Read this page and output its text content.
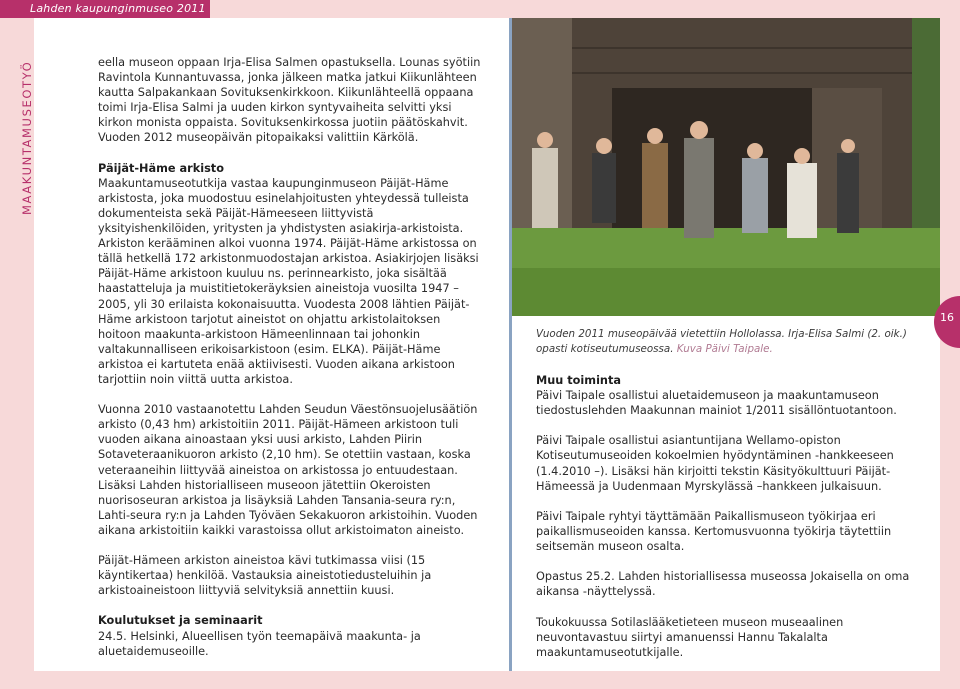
Lahden kaupunginmuseo 2011
MAAKUNTAMUSEOTYÖ	eella museon oppaan Irja-Elisa Salmen opastuksella. Lounas syötiin Ravintola Kunnantuvassa, jonka jälkeen matka jatkui Kiikunlähteen kautta Salpakankaan Sovituksenkirkkoon. Kiikunlähteellä oppaana toimi Irja-Elisa Salmi ja uuden kirkon syntyvaiheita selvitti yksi kirkon monista oppaista. Sovituksenkirkossa juotiin päätöskahvit. Vuoden 2012 museopäivän pitopaikaksi valittiin Kärkölä.

Päijät-Häme arkisto
Maakuntamuseotutkija vastaa kaupunginmuseon Päijät-Häme arkistosta, joka muodostuu esinelahjoitusten yhteydessä tulleista dokumenteista sekä Päijät-Hämeeseen liittyvistä yksityishenkilöiden, yritysten ja yhdistysten asiakirja-arkistoista. Arkiston kerääminen alkoi vuonna 1974. Päijät-Häme arkistossa on tällä hetkellä 172 arkistonmuodostajan arkistoa. Asiakirjojen lisäksi Päijät-Häme arkistoon kuuluu ns. perinnearkisto, joka sisältää haastatteluja ja muistitietokeräyksien aineistoja vuosilta 1947 – 2005, yli 30 erilaista kokonaisuutta. Vuodesta 2008 lähtien Päijät-Häme arkistoon tarjotut aineistot on ohjattu arkistolaitoksen hoitoon maakunta-arkistoon Hämeenlinnaan tai johonkin valtakunnalliseen erikoisarkistoon (esim. ELKA). Päijät-Häme arkistoa ei kartuteta enää aktiivisesti. Vuoden aikana arkistoon tarjottiin noin viittä uutta arkistoa.

Vuonna 2010 vastaanotettu Lahden Seudun Väestönsuojelusäätiön arkisto (0,43 hm) arkistoitiin 2011. Päijät-Hämeen arkistoon tuli vuoden aikana ainoastaan yksi uusi arkisto, Lahden Piirin Sotaveteraanikuoron arkisto (2,10 hm). Se otettiin vastaan, koska veteraaneihin liittyvää aineistoa on arkistossa jo entuudestaan. Lisäksi Lahden historialliseen museoon jätettiin Okeroisten nuorisoseuran arkistoa ja lisäyksiä Lahden Tansania-seura ry:n, Lahti-seura ry:n ja Lahden Työväen Sekakuoron arkistoihin. Vuoden aikana arkistoitiin kaikki varastoissa ollut arkistoimaton aineisto.

Päijät-Hämeen arkiston aineistoa kävi tutkimassa viisi (15 käyntikertaa) henkilöä. Vastauksia aineistotiedusteluihin ja arkistoaineistoon liittyviä selvityksiä annettiin kuusi.

Koulutukset ja seminaarit
24.5. Helsinki, Alueellisen työn teemapäivä maakunta- ja aluetaidemuseoille.

Vuoden 2011 museopäivää vietettiin Hollolassa. Irja-Elisa Salmi (2. oik.) opasti kotiseutumuseossa. Kuva Päivi Taipale.

Muu toiminta
Päivi Taipale osallistui aluetaidemuseon ja maakuntamuseon tiedostuslehden Maakunnan mainiot 1/2011 sisällöntuotantoon.

Päivi Taipale osallistui asiantuntijana Wellamo-opiston Kotiseutumuseoiden kokoelmien hyödyntäminen -hankkeeseen (1.4.2010 –). Lisäksi hän kirjoitti tekstin Käsityökulttuuri Päijät-Hämeessä ja Uudenmaan Myrskylässä –hankkeen julkaisuun.

Päivi Taipale ryhtyi täyttämään Paikallismuseon työkirjaa eri paikallismuseoiden kanssa. Kertomusvuonna työkirja täytettiin seitsemän museon osalta.

Opastus 25.2. Lahden historiallisessa museossa Jokaisella on oma aikansa -näyttelyssä.

Toukokuussa Sotilaslääketieteen museon museaalinen neuvontavastuu siirtyi amanuenssi Hannu Takalalta maakuntamuseotutkijalle.

16
